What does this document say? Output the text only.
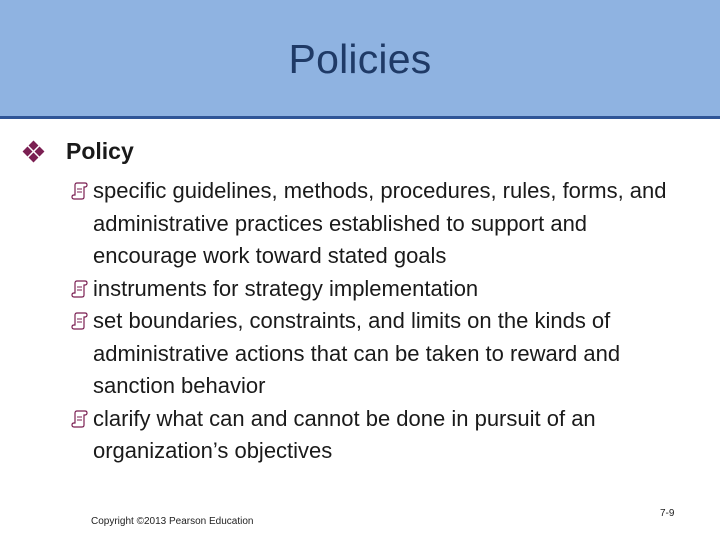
Policies
Policy
specific guidelines, methods, procedures, rules, forms, and administrative practices established to support and encourage work toward stated goals
instruments for strategy implementation
set boundaries, constraints, and limits on the kinds of administrative actions that can be taken to reward and sanction behavior
clarify what can and cannot be done in pursuit of an organization’s objectives
Copyright ©2013 Pearson Education
7-9
